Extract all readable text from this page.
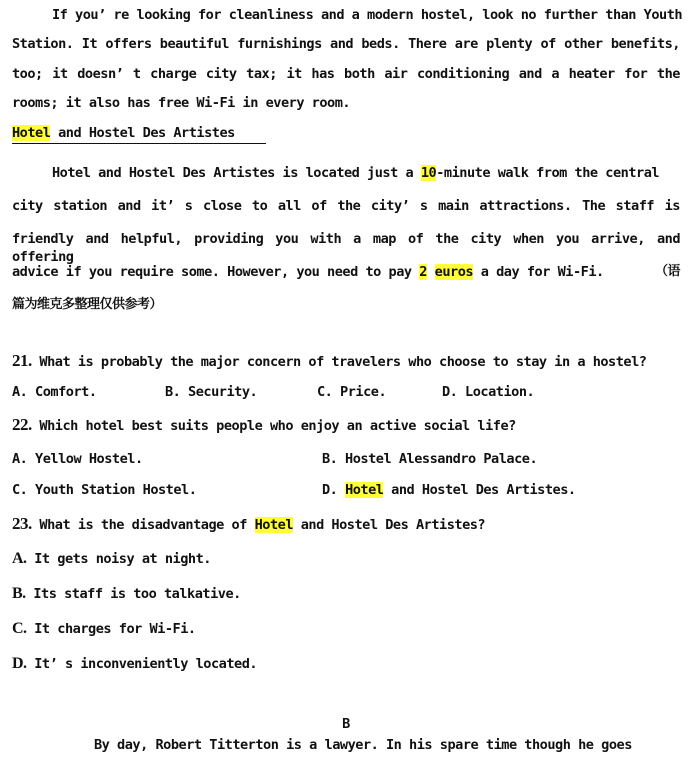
If you’ re looking for cleanliness and a modern hostel, look no further than Youth
Station. It offers beautiful furnishings and beds. There are plenty of other benefits,
too; it doesn’ t charge city tax; it has both air conditioning and a heater for the
rooms; it also has free Wi-Fi in every room.
Hotel and Hostel Des Artistes
Hotel and Hostel Des Artistes is located just a 10-minute walk from the central
city station and it’ s close to all of the city’ s main attractions. The staff is
friendly and helpful, providing you with a map of the city when you arrive, and offering
advice if you require some. However, you need to pay 2 euros a day for Wi-Fi.	（语
篇为维克多整理仅供参考）
21. What is probably the major concern of travelers who choose to stay in a hostel?
A. Comfort.	B. Security.	C. Price.	D. Location.
22. Which hotel best suits people who enjoy an active social life?
A. Yellow Hostel.	B. Hostel Alessandro Palace.
C. Youth Station Hostel.	D. Hotel and Hostel Des Artistes.
23. What is the disadvantage of Hotel and Hostel Des Artistes?
A. It gets noisy at night.
B. Its staff is too talkative.
C. It charges for Wi-Fi.
D. It’ s inconveniently located.
B
By day, Robert Titterton is a lawyer. In his spare time though he goes
